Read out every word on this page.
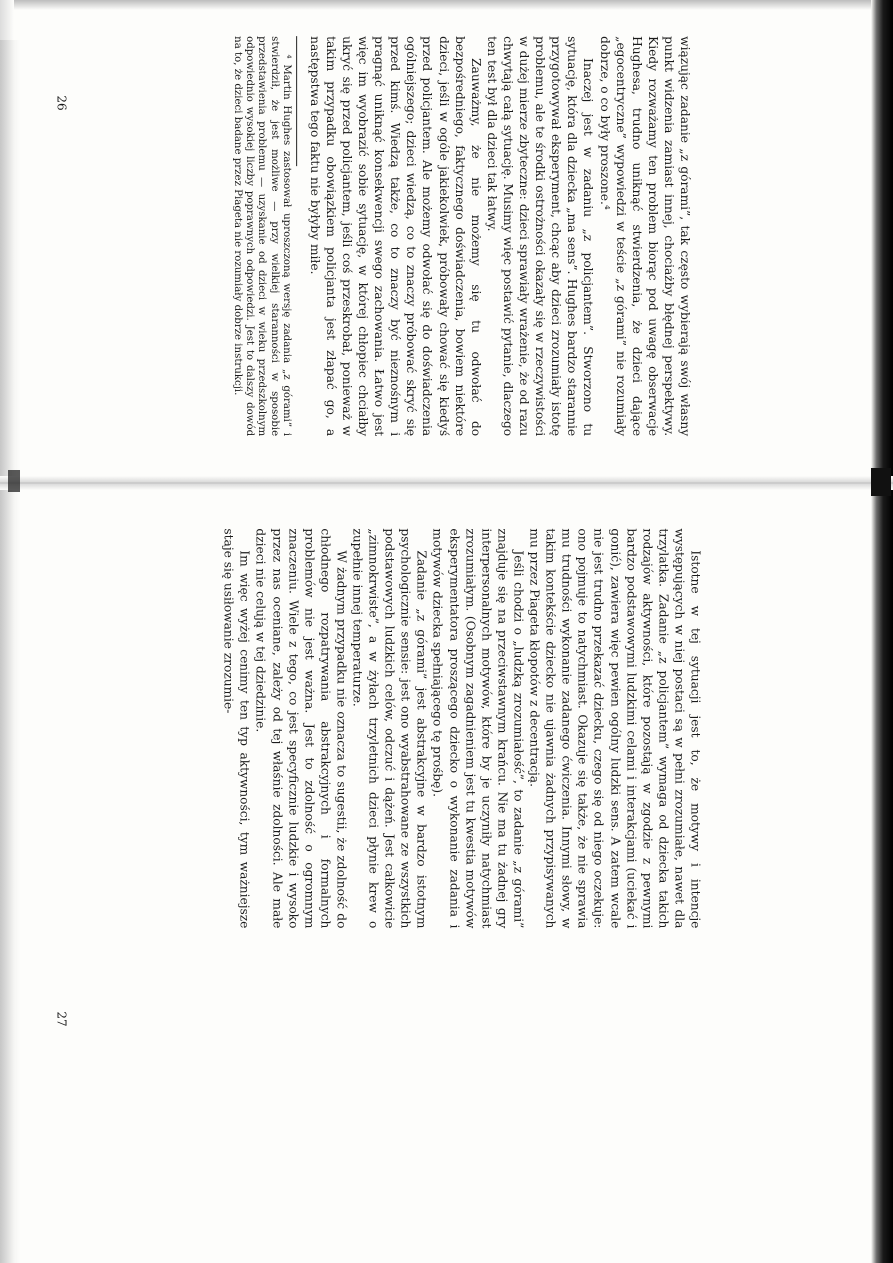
wiązując zadanie „z górami”, tak często wybierają swój własny punkt widzenia zamiast innej, chociażby błędnej perspektywy. Kiedy rozważamy ten problem biorąc pod uwagę obserwacje Hughesa, trudno uniknąć stwierdzenia, że dzieci dające „egocentryczne” wypowiedzi w teście „z górami” nie rozumiały dobrze, o co były proszone.⁴

Inaczej jest w zadaniu „z policjantem”. Stworzono tu sytuację, która dla dziecka „ma sens”. Hughes bardzo starannie przygotowywał eksperyment, chcąc aby dzieci zrozumiały istotę problemu, ale te środki ostrożności okazały się w rzeczywistości w dużej mierze zbyteczne: dzieci sprawiały wrażenie, że od razu chwytają całą sytuację. Musimy więc postawić pytanie, dlaczego ten test był dla dzieci tak łatwy.

Zauważmy, że nie możemy się tu odwołać do bezpośredniego, faktycznego doświadczenia, bowiem niektóre dzieci, jeśli w ogóle jakiekolwiek, próbowały chować się kiedyś przed policjantem. Ale możemy odwołać się do doświadczenia ogólniejszego; dzieci wiedzą, co to znaczy próbować skryć się przed kimś. Wiedzą także, co to znaczy być nieznośnym i pragnąć uniknąć konsekwencji swego zachowania. Łatwo jest więc im wyobrazić sobie sytuację, w której chłopiec chciałby ukryć się przed policjantem, jeśli coś przeskrobał, ponieważ w takim przypadku obowiązkiem policjanta jest złapać go, a następstwa tego faktu nie byłyby miłe.

⁴ Martin Hughes zastosował uproszczoną wersję zadania „z górami” i stwierdził, że jest możliwe — przy wielkiej staranności w sposobie przedstawienia problemu — uzyskanie od dzieci w wieku przedszkolnym odpowiednio wysokiej liczby poprawnych odpowiedzi. Jest to dalszy dowód na to, że dzieci badane przez Piageta nie rozumiały dobrze instrukcji.

26

Istotne w tej sytuacji jest to, że motywy i intencje występujących w niej postaci są w pełni zrozumiałe, nawet dla trzylatka. Zadanie „z policjantem” wymaga od dziecka takich rodzajów aktywności, które pozostają w zgodzie z pewnymi bardzo podstawowymi ludzkimi celami i interakcjami (uciekać i gonić), zawiera więc pewien ogólny ludzki sens. A zatem wcale nie jest trudno przekazać dziecku, czego się od niego oczekuje: ono pojmuje to natychmiast. Okazuje się także, że nie sprawia mu trudności wykonanie zadanego ćwiczenia. Innymi słowy, w takim kontekście dziecko nie ujawnia żadnych przypisywanych mu przez Piageta kłopotów z decentracją.

Jeśli chodzi o „ludzką zrozumiałość”, to zadanie „z górami” znajduje się na przeciwstawnym krańcu. Nie ma tu żadnej gry interpersonalnych motywów, które by je uczyniły natychmiast zrozumiałym. (Osobnym zagadnieniem jest tu kwestia motywów eksperymentatora proszącego dziecko o wykonanie zadania i motywów dziecka spełniającego tę prośbę).

Zadanie „z górami” jest abstrakcyjne w bardzo istotnym psychologicznie sensie: jest ono wyabstrahowane ze wszystkich podstawowych ludzkich celów, odczuć i dążeń. Jest całkowicie „zimnokrwiste”, a w żyłach trzyletnich dzieci płynie krew o zupełnie innej temperaturze.

W żadnym przypadku nie oznacza to sugestii, że zdolność do chłodnego rozpatrywania abstrakcyjnych i formalnych problemów nie jest ważna. Jest to zdolność o ogromnym znaczeniu. Wiele z tego, co jest specyficznie ludzkie i wysoko przez nas oceniane, zależy od tej właśnie zdolności. Ale małe dzieci nie celują w tej dziedzinie.

Im więc wyżej cenimy ten typ aktywności, tym ważniejsze staje się usiłowanie zrozumie-

27
